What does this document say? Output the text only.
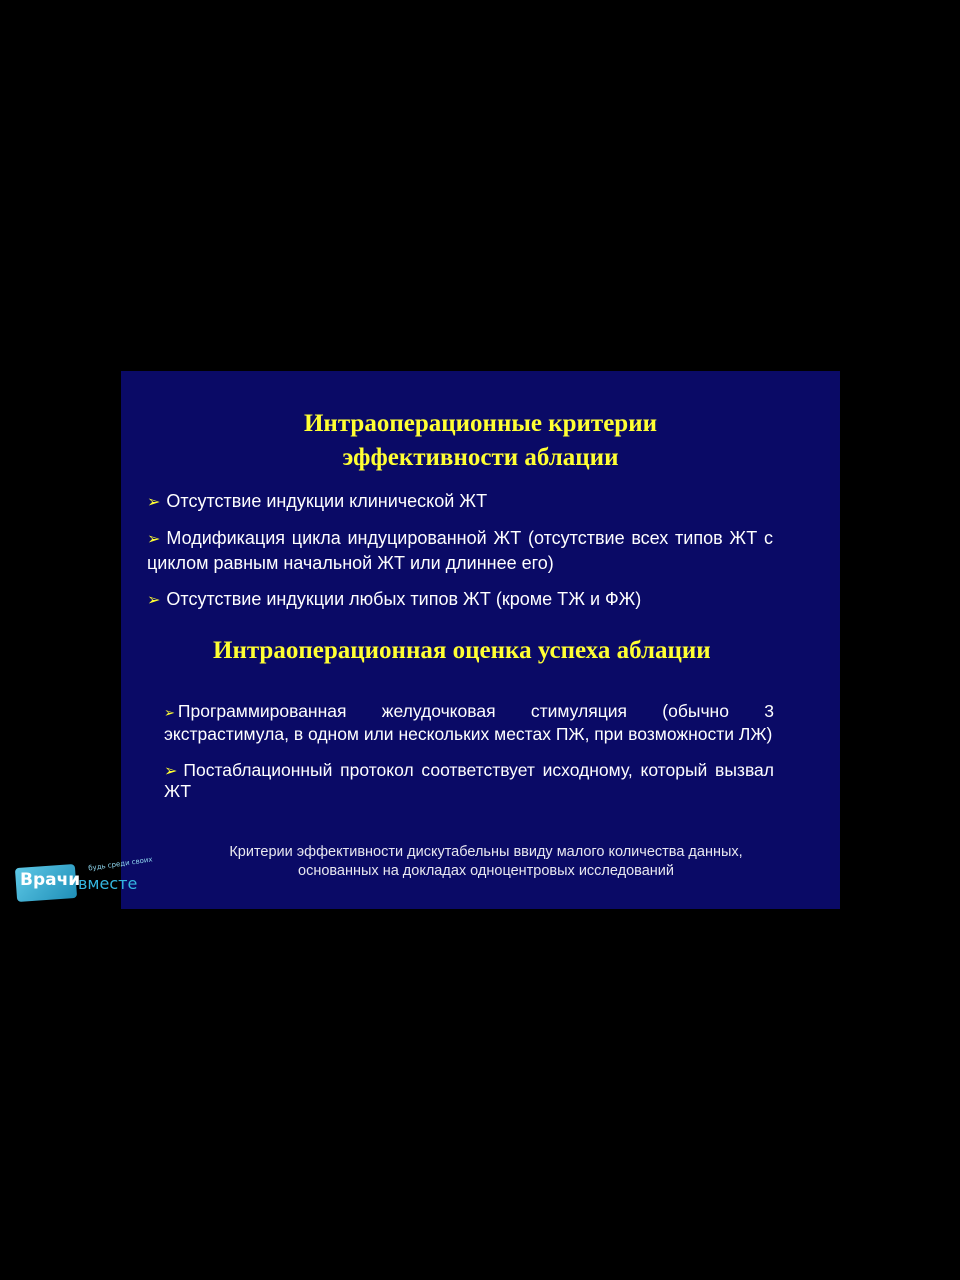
Интраоперационные критерии
эффективности аблации

➢ Отсутствие индукции клинической ЖТ

➢ Модификация цикла индуцированной ЖТ (отсутствие всех типов ЖТ с циклом равным начальной ЖТ или длиннее его)

➢ Отсутствие индукции любых типов ЖТ (кроме ТЖ и ФЖ)

Интраоперационная оценка успеха аблации

➢ Программированная желудочковая стимуляция (обычно 3 экстрастимула, в одном или нескольких местах ПЖ, при возможности ЛЖ)

➢ Постаблационный протокол соответствует исходному, который вызвал ЖТ

Критерии эффективности дискутабельны ввиду малого количества данных,
основанных на докладах одноцентровых исследований
Врачи
вместе
будь среди своих
